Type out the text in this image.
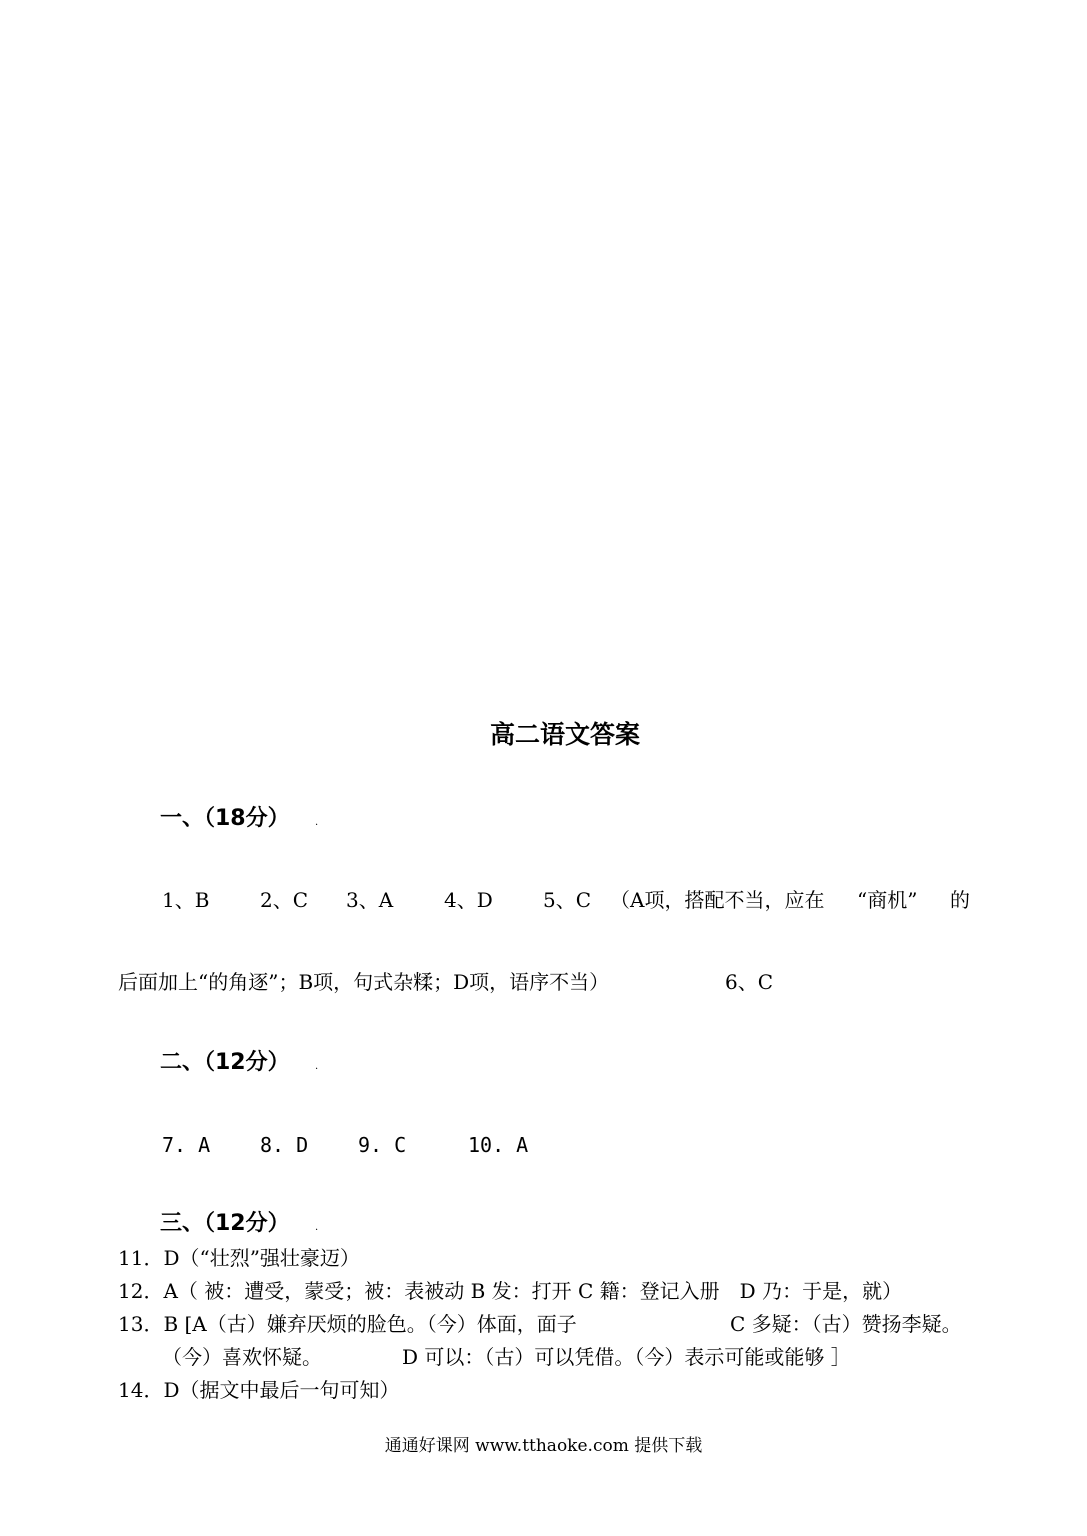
高二语文答案
一、（18分）	.
1、B	2、C 3、A	4、D	5、C （A项，搭配不当，应在 “商机” 的
后面加上“的角逐”；B项，句式杂糅；D项，语序不当）	6、C
二、（12分）	.
7. A 8. D 9. C	10. A
三、（12分）	.
11．D（“壮烈”强壮豪迈）
12．A（ 被：遭受，蒙受；被：表被动 B 发：打开 C 籍：登记入册　D 乃：于是，就）
13．B [A（古）嫌弃厌烦的脸色。（今）体面，面子	C 多疑：（古）赞扬李疑。
（今）喜欢怀疑。	D 可以：（古）可以凭借。（今）表示可能或能够 ］
14．D（据文中最后一句可知）
通通好课网 www.tthaoke.com 提供下载
